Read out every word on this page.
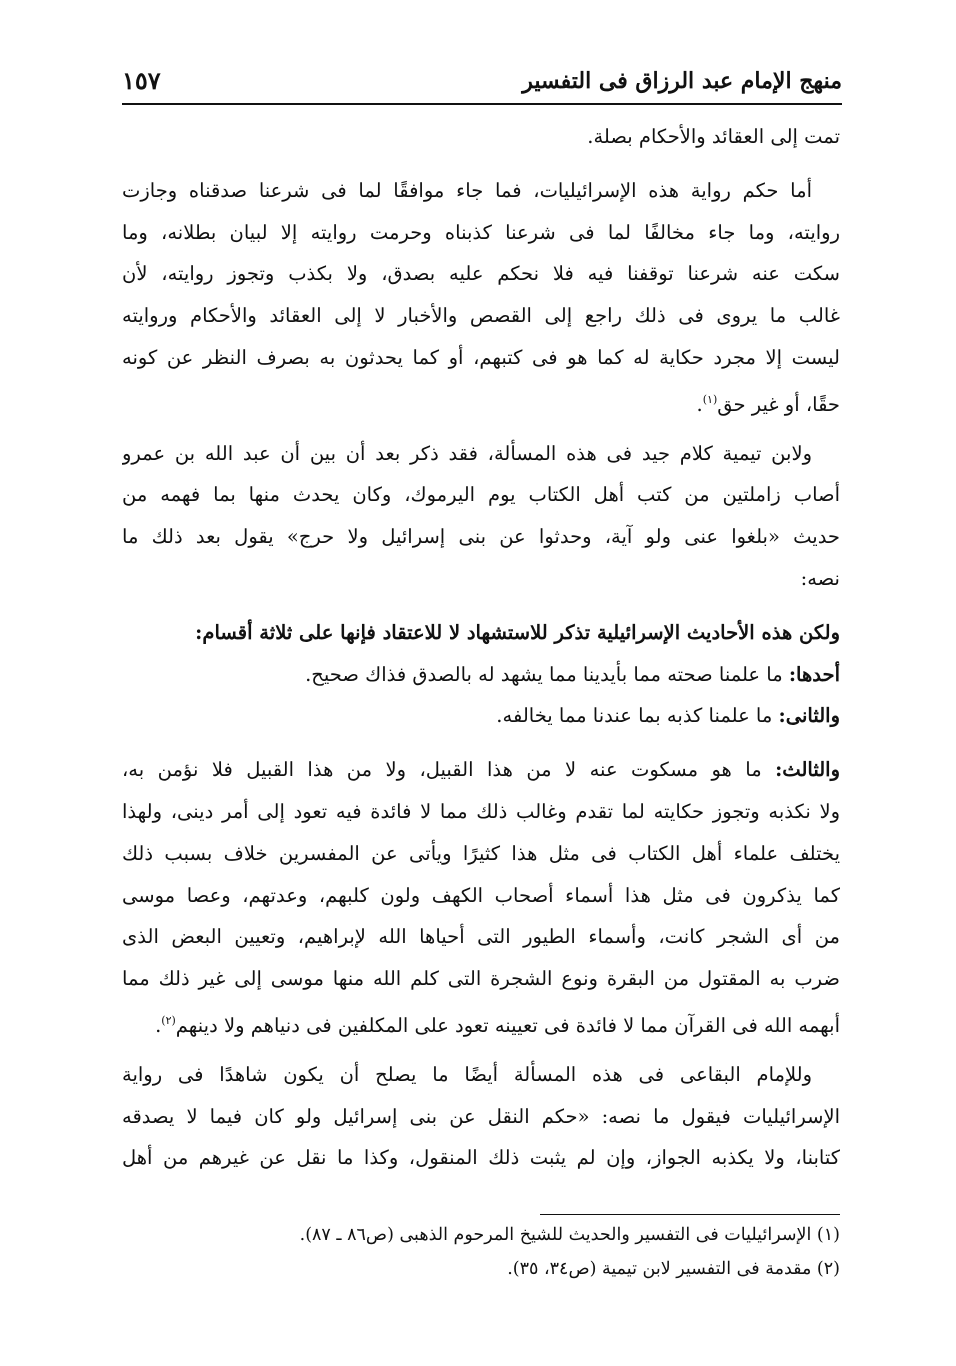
منهج الإمام عبد الرزاق فى التفسير
١٥٧
تمت إلى العقائد والأحكام بصلة.
أما حكم رواية هذه الإسرائيليات، فما جاء موافقًا لما فى شرعنا صدقناه وجازت
روايته، وما جاء مخالفًا لما فى شرعنا كذبناه وحرمت روايته إلا لبيان بطلانه، وما
سكت عنه شرعنا توقفنا فيه فلا نحكم عليه بصدق، ولا بكذب وتجوز روايته، لأن
غالب ما يروى فى ذلك راجع إلى القصص والأخبار لا إلى العقائد والأحكام وروايته
ليست إلا مجرد حكاية له كما هو فى كتبهم، أو كما يحدثون به بصرف النظر عن كونه
حقًا، أو غير حق$^{(١)}$.
ولابن تيمية كلام جيد فى هذه المسألة، فقد ذكر بعد أن بين أن عبد الله بن عمرو
أصاب زاملتين من كتب أهل الكتاب يوم اليرموك، وكان يحدث منها بما فهمه من
حديث «بلغوا عنى ولو آية، وحدثوا عن بنى إسرائيل ولا حرج» يقول بعد ذلك ما
نصه:
ولكن هذه الأحاديث الإسرائيلية تذكر للاستشهاد لا للاعتقاد فإنها على ثلاثة أقسام:
أحدها: ما علمنا صحته مما بأيدينا مما يشهد له بالصدق فذاك صحيح.
والثانى: ما علمنا كذبه بما عندنا مما يخالفه.
والثالث: ما هو مسكوت عنه لا من هذا القبيل، ولا من هذا القبيل فلا نؤمن به،
ولا نكذبه وتجوز حكايته لما تقدم وغالب ذلك مما لا فائدة فيه تعود إلى أمر دينى، ولهذا
يختلف علماء أهل الكتاب فى مثل هذا كثيرًا ويأتى عن المفسرين خلاف بسبب ذلك
كما يذكرون فى مثل هذا أسماء أصحاب الكهف ولون كلبهم، وعدتهم، وعصا موسى
من أى الشجر كانت، وأسماء الطيور التى أحياها الله لإبراهيم، وتعيين البعض الذى
ضرب به المقتول من البقرة ونوع الشجرة التى كلم الله منها موسى إلى غير ذلك مما
أبهمه الله فى القرآن مما لا فائدة فى تعيينه تعود على المكلفين فى دنياهم ولا دينهم$^{(٢)}$.
وللإمام البقاعى فى هذه المسألة أيضًا ما يصلح أن يكون شاهدًا فى رواية
الإسرائيليات فيقول ما نصه: «حكم النقل عن بنى إسرائيل ولو كان فيما لا يصدقه
كتابنا، ولا يكذبه الجواز، وإن لم يثبت ذلك المنقول، وكذا ما نقل عن غيرهم من أهل
(١) الإسرائيليات فى التفسير والحديث للشيخ المرحوم الذهبى (ص٨٦ ـ ٨٧).
(٢) مقدمة فى التفسير لابن تيمية (ص٣٤، ٣٥).
